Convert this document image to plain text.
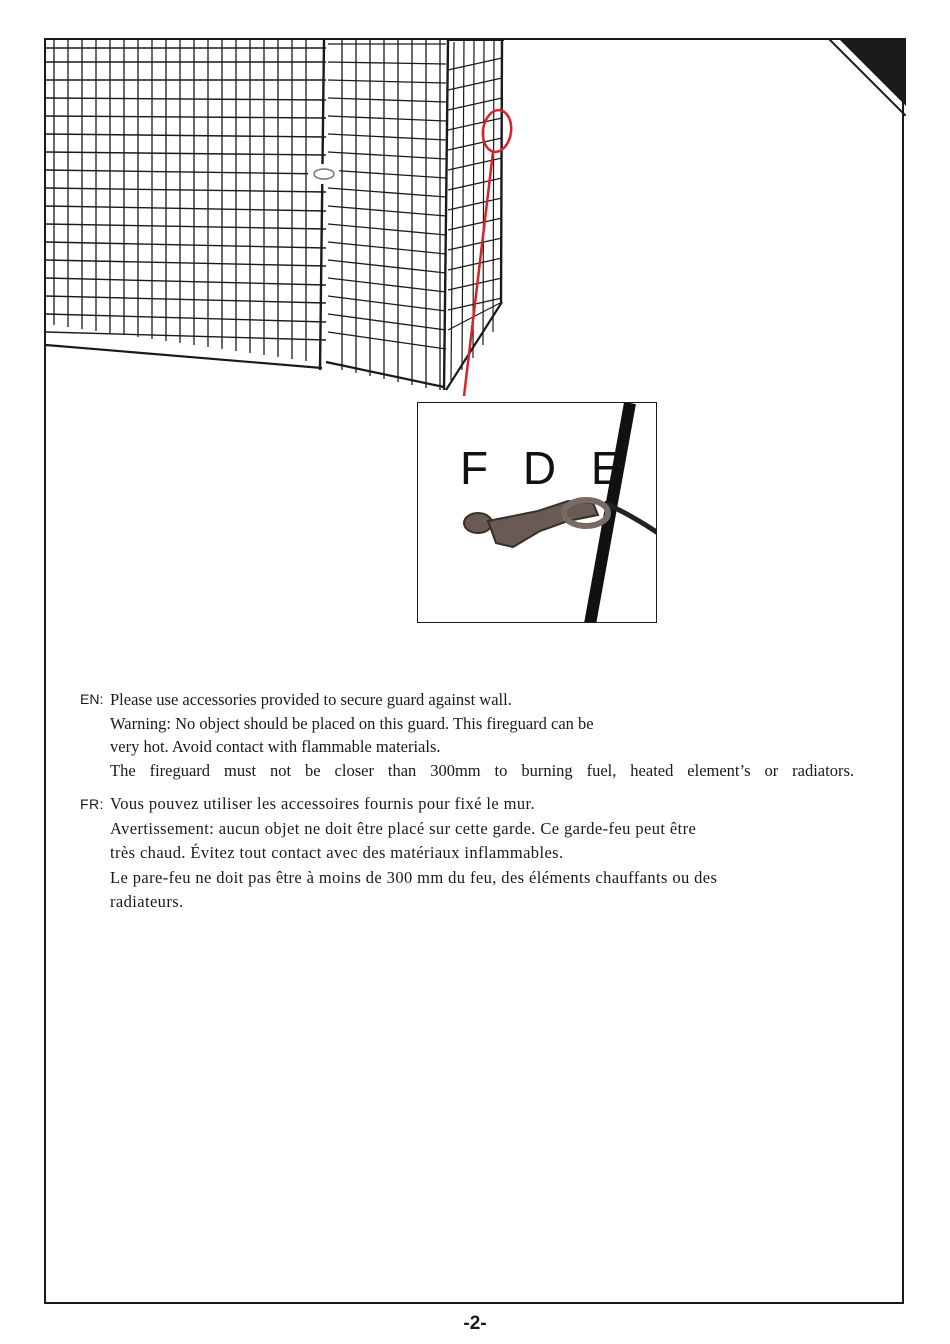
F D E
EN: Please use accessories provided to secure guard against wall.
Warning: No object should be placed on this guard. This fireguard can be
very hot. Avoid contact with flammable materials.
The fireguard must not be closer than 300mm to burning fuel, heated element’s or radiators.
FR: Vous pouvez utiliser les accessoires fournis pour fixé le mur.
Avertissement: aucun objet ne doit être placé sur cette garde. Ce garde-feu peut être
très chaud. Évitez tout contact avec des matériaux inflammables.
Le pare-feu ne doit pas être à moins de 300 mm du feu, des éléments chauffants ou des
radiateurs.
-2-
